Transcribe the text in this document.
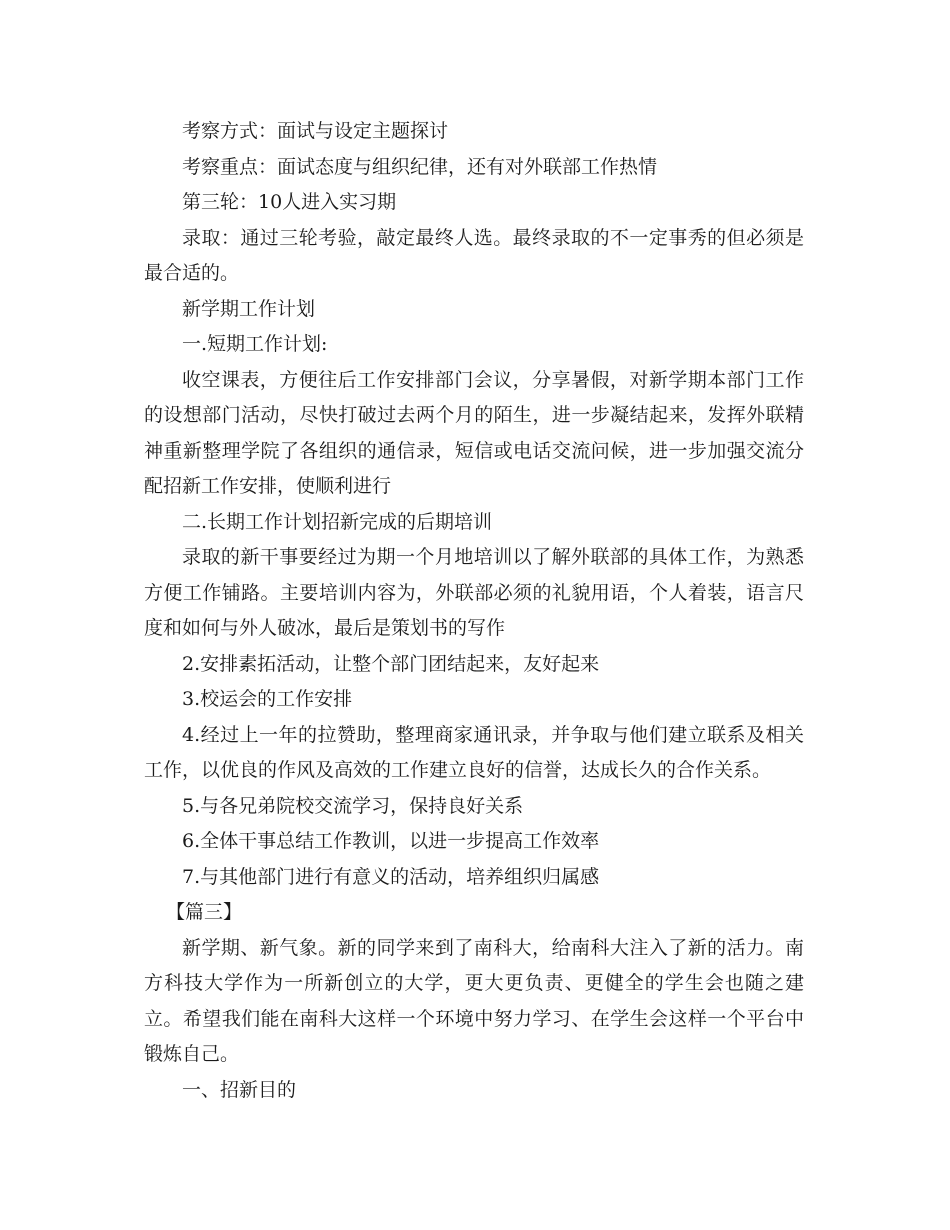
考察方式：面试与设定主题探讨

考察重点：面试态度与组织纪律，还有对外联部工作热情

第三轮：10人进入实习期

录取：通过三轮考验，敲定最终人选。最终录取的不一定事秀的但必须是最合适的。

新学期工作计划

一.短期工作计划:

收空课表，方便往后工作安排部门会议，分享暑假，对新学期本部门工作的设想部门活动，尽快打破过去两个月的陌生，进一步凝结起来，发挥外联精神重新整理学院了各组织的通信录，短信或电话交流问候，进一步加强交流分配招新工作安排，使顺利进行

二.长期工作计划招新完成的后期培训

录取的新干事要经过为期一个月地培训以了解外联部的具体工作，为熟悉方便工作铺路。主要培训内容为，外联部必须的礼貌用语，个人着装，语言尺度和如何与外人破冰，最后是策划书的写作

2.安排素拓活动，让整个部门团结起来，友好起来

3.校运会的工作安排

4.经过上一年的拉赞助，整理商家通讯录，并争取与他们建立联系及相关工作，以优良的作风及高效的工作建立良好的信誉，达成长久的合作关系。

5.与各兄弟院校交流学习，保持良好关系

6.全体干事总结工作教训，以进一步提高工作效率

7.与其他部门进行有意义的活动，培养组织归属感

【篇三】

新学期、新气象。新的同学来到了南科大，给南科大注入了新的活力。南方科技大学作为一所新创立的大学，更大更负责、更健全的学生会也随之建立。希望我们能在南科大这样一个环境中努力学习、在学生会这样一个平台中锻炼自己。

一、招新目的
